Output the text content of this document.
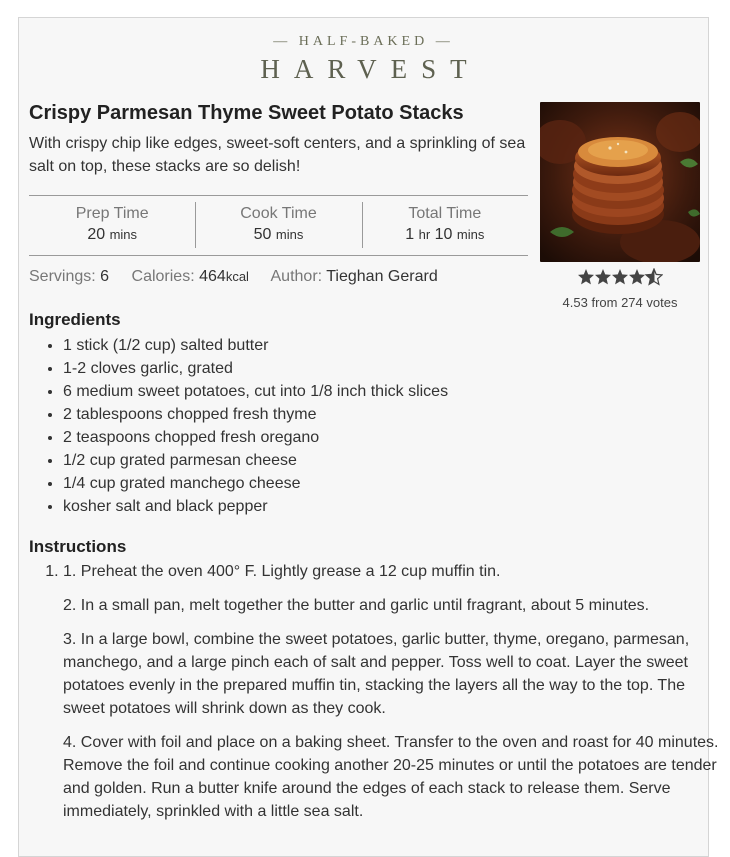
— HALF-BAKED —
HARVEST
Crispy Parmesan Thyme Sweet Potato Stacks

With crispy chip like edges, sweet-soft centers, and a sprinkling of sea salt on top, these stacks are so delish!

Prep Time
20 mins
Cook Time
50 mins
Total Time
1 hr 10 mins
Servings: 6 Calories: 464kcal Author: Tieghan Gerard
4.53 from 274 votes
Ingredients
• 1 stick (1/2 cup) salted butter
• 1-2 cloves garlic, grated
• 6 medium sweet potatoes, cut into 1/8 inch thick slices
• 2 tablespoons chopped fresh thyme
• 2 teaspoons chopped fresh oregano
• 1/2 cup grated parmesan cheese
• 1/4 cup grated manchego cheese
• kosher salt and black pepper
Instructions

1. 1. Preheat the oven 400° F. Lightly grease a 12 cup muffin tin.

2. In a small pan, melt together the butter and garlic until fragrant, about 5 minutes.

3. In a large bowl, combine the sweet potatoes, garlic butter, thyme, oregano, parmesan, manchego, and a large pinch each of salt and pepper. Toss well to coat. Layer the sweet potatoes evenly in the prepared muffin tin, stacking the layers all the way to the top. The sweet potatoes will shrink down as they cook.

4. Cover with foil and place on a baking sheet. Transfer to the oven and roast for 40 minutes. Remove the foil and continue cooking another 20-25 minutes or until the potatoes are tender and golden. Run a butter knife around the edges of each stack to release them. Serve immediately, sprinkled with a little sea salt.
